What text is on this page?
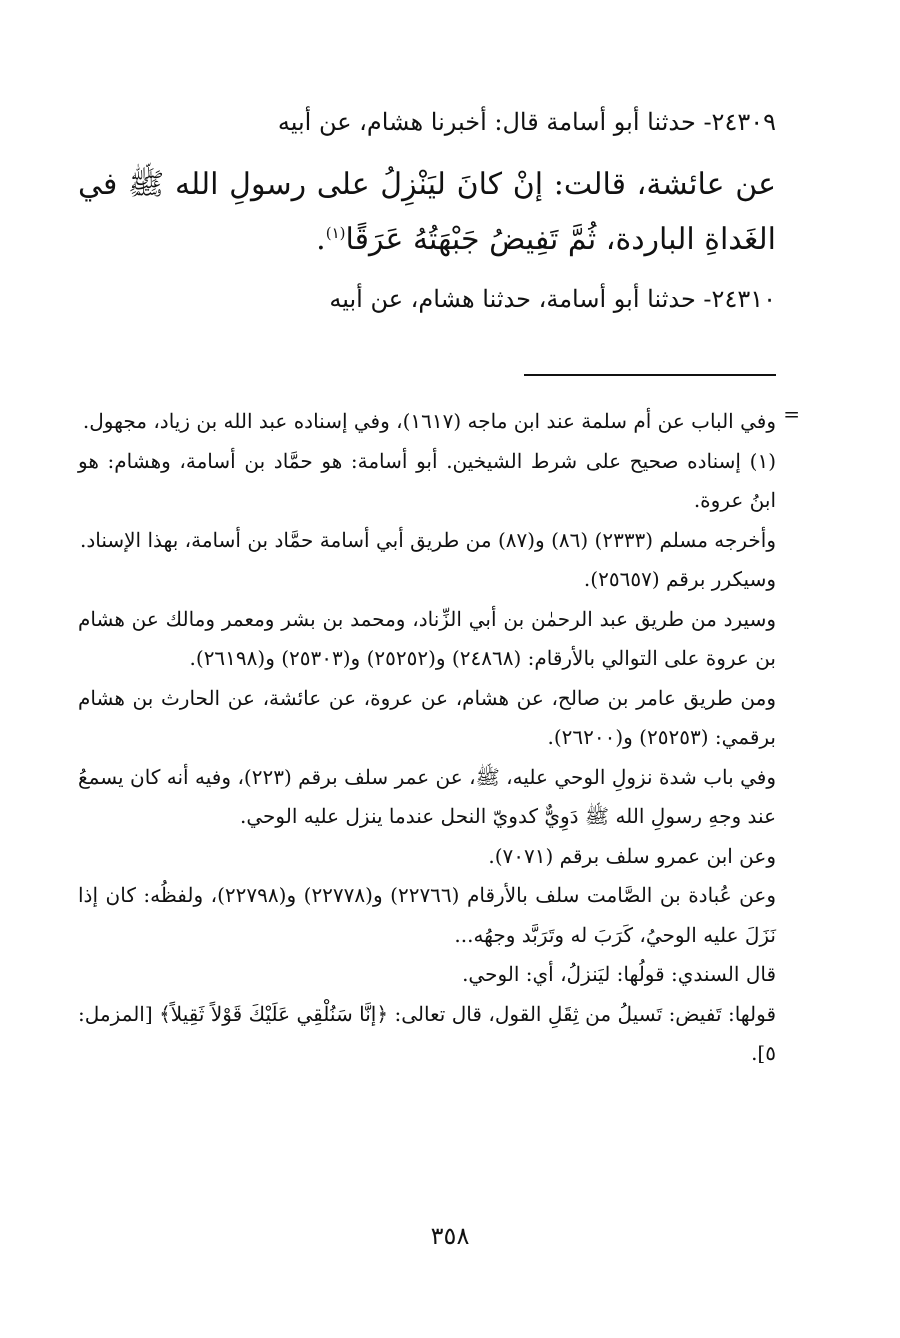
٢٤٣٠٩- حدثنا أبو أسامة قال: أخبرنا هشام، عن أبيه
عن عائشة، قالت: إنْ كانَ ليَنْزِلُ على رسولِ الله ﷺ في
الغَداةِ الباردة، ثُمَّ تَفِيضُ جَبْهَتُهُ عَرَقًا$^{(١)}$.
٢٤٣١٠- حدثنا أبو أسامة، حدثنا هشام، عن أبيه
=

وفي الباب عن أم سلمة عند ابن ماجه (١٦١٧)، وفي إسناده عبد الله بن زياد، مجهول.

(١) إسناده صحيح على شرط الشيخين. أبو أسامة: هو حمَّاد بن أسامة، وهشام: هو ابنُ عروة.

وأخرجه مسلم (٢٣٣٣) (٨٦) و(٨٧) من طريق أبي أسامة حمَّاد بن أسامة، بهذا الإسناد.

وسيكرر برقم (٢٥٦٥٧).

وسيرد من طريق عبد الرحمٰن بن أبي الزِّناد، ومحمد بن بشر ومعمر ومالك عن هشام بن عروة على التوالي بالأرقام: (٢٤٨٦٨) و(٢٥٢٥٢) و(٢٥٣٠٣) و(٢٦١٩٨).

ومن طريق عامر بن صالح، عن هشام، عن عروة، عن عائشة، عن الحارث بن هشام برقمي: (٢٥٢٥٣) و(٢٦٢٠٠).

وفي باب شدة نزولِ الوحي عليه، ﷺ، عن عمر سلف برقم (٢٢٣)، وفيه أنه كان يسمعُ عند وجهِ رسولِ الله ﷺ دَوِيٌّ كدويّ النحل عندما ينزل عليه الوحي.

وعن ابن عمرو سلف برقم (٧٠٧١).

وعن عُبادة بن الصَّامت سلف بالأرقام (٢٢٧٦٦) و(٢٢٧٧٨) و(٢٢٧٩٨)، ولفظُه: كان إذا نَزَلَ عليه الوحيُ، كَرَبَ له وتَرَبَّد وجهُه...

قال السندي: قولُها: ليَنزلُ، أي: الوحي.

قولها: تَفيض: تَسيلُ من ثِقَلِ القول، قال تعالى: ﴿إنَّا سَنُلْقِي عَلَيْكَ قَوْلاً ثَقِيلاً﴾ [المزمل: ٥].

٣٥٨
